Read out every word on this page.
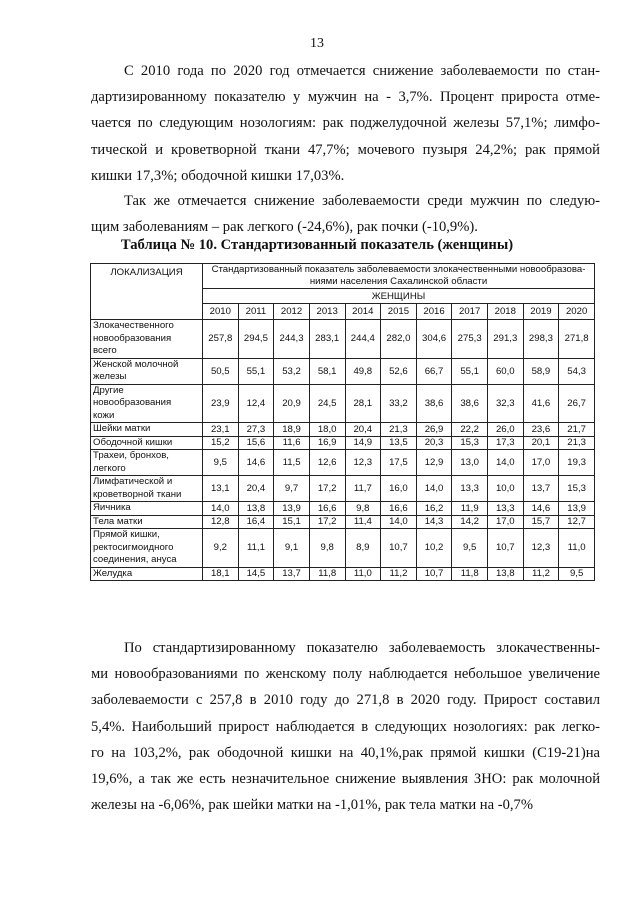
13

С 2010 года по 2020 год отмечается снижение заболеваемости по стан-
дартизированному показателю у мужчин на - 3,7%. Процент прироста отме-
чается по следующим нозологиям: рак поджелудочной железы 57,1%; лимфо-
тической и кроветворной ткани 47,7%; мочевого пузыря 24,2%; рак прямой
кишки 17,3%; ободочной кишки 17,03%.

Так же отмечается снижение заболеваемости среди мужчин по следую-
щим заболеваниям – рак легкого (-24,6%), рак почки (-10,9%).

Таблица № 10. Стандартизованный показатель (женщины)
ЛОКАЛИЗАЦИЯ	Стандартизованный показатель заболеваемости злокачественными новообразова-
ниями населения Сахалинской области										
	ЖЕНЩИНЫ										
	2010	2011	2012	2013	2014	2015	2016	2017	2018	2019	2020
Злокачественного
новообразования
всего	257,8	294,5	244,3	283,1	244,4	282,0	304,6	275,3	291,3	298,3	271,8
Женской молочной
железы	50,5	55,1	53,2	58,1	49,8	52,6	66,7	55,1	60,0	58,9	54,3
Другие
новообразования
кожи	23,9	12,4	20,9	24,5	28,1	33,2	38,6	38,6	32,3	41,6	26,7
Шейки матки	23,1	27,3	18,9	18,0	20,4	21,3	26,9	22,2	26,0	23,6	21,7
Ободочной кишки	15,2	15,6	11,6	16,9	14,9	13,5	20,3	15,3	17,3	20,1	21,3
Трахеи, бронхов,
легкого	9,5	14,6	11,5	12,6	12,3	17,5	12,9	13,0	14,0	17,0	19,3
Лимфатической и
кроветворной ткани	13,1	20,4	9,7	17,2	11,7	16,0	14,0	13,3	10,0	13,7	15,3
Яичника	14,0	13,8	13,9	16,6	9,8	16,6	16,2	11,9	13,3	14,6	13,9
Тела матки	12,8	16,4	15,1	17,2	11,4	14,0	14,3	14,2	17,0	15,7	12,7
Прямой кишки,
ректосигмоидного
соединения, ануса	9,2	11,1	9,1	9,8	8,9	10,7	10,2	9,5	10,7	12,3	11,0
Желудка	18,1	14,5	13,7	11,8	11,0	11,2	10,7	11,8	13,8	11,2	9,5

По стандартизированному показателю заболеваемость злокачественны-
ми новообразованиями по женскому полу наблюдается небольшое увеличение
заболеваемости с 257,8 в 2010 году до 271,8 в 2020 году. Прирост составил
5,4%. Наибольший прирост наблюдается в следующих нозологиях: рак легко-
го на 103,2%, рак ободочной кишки на 40,1%,рак прямой кишки (С19-21)на
19,6%, а так же есть незначительное снижение выявления ЗНО: рак молочной
железы на -6,06%, рак шейки матки на -1,01%, рак тела матки на -0,7%
